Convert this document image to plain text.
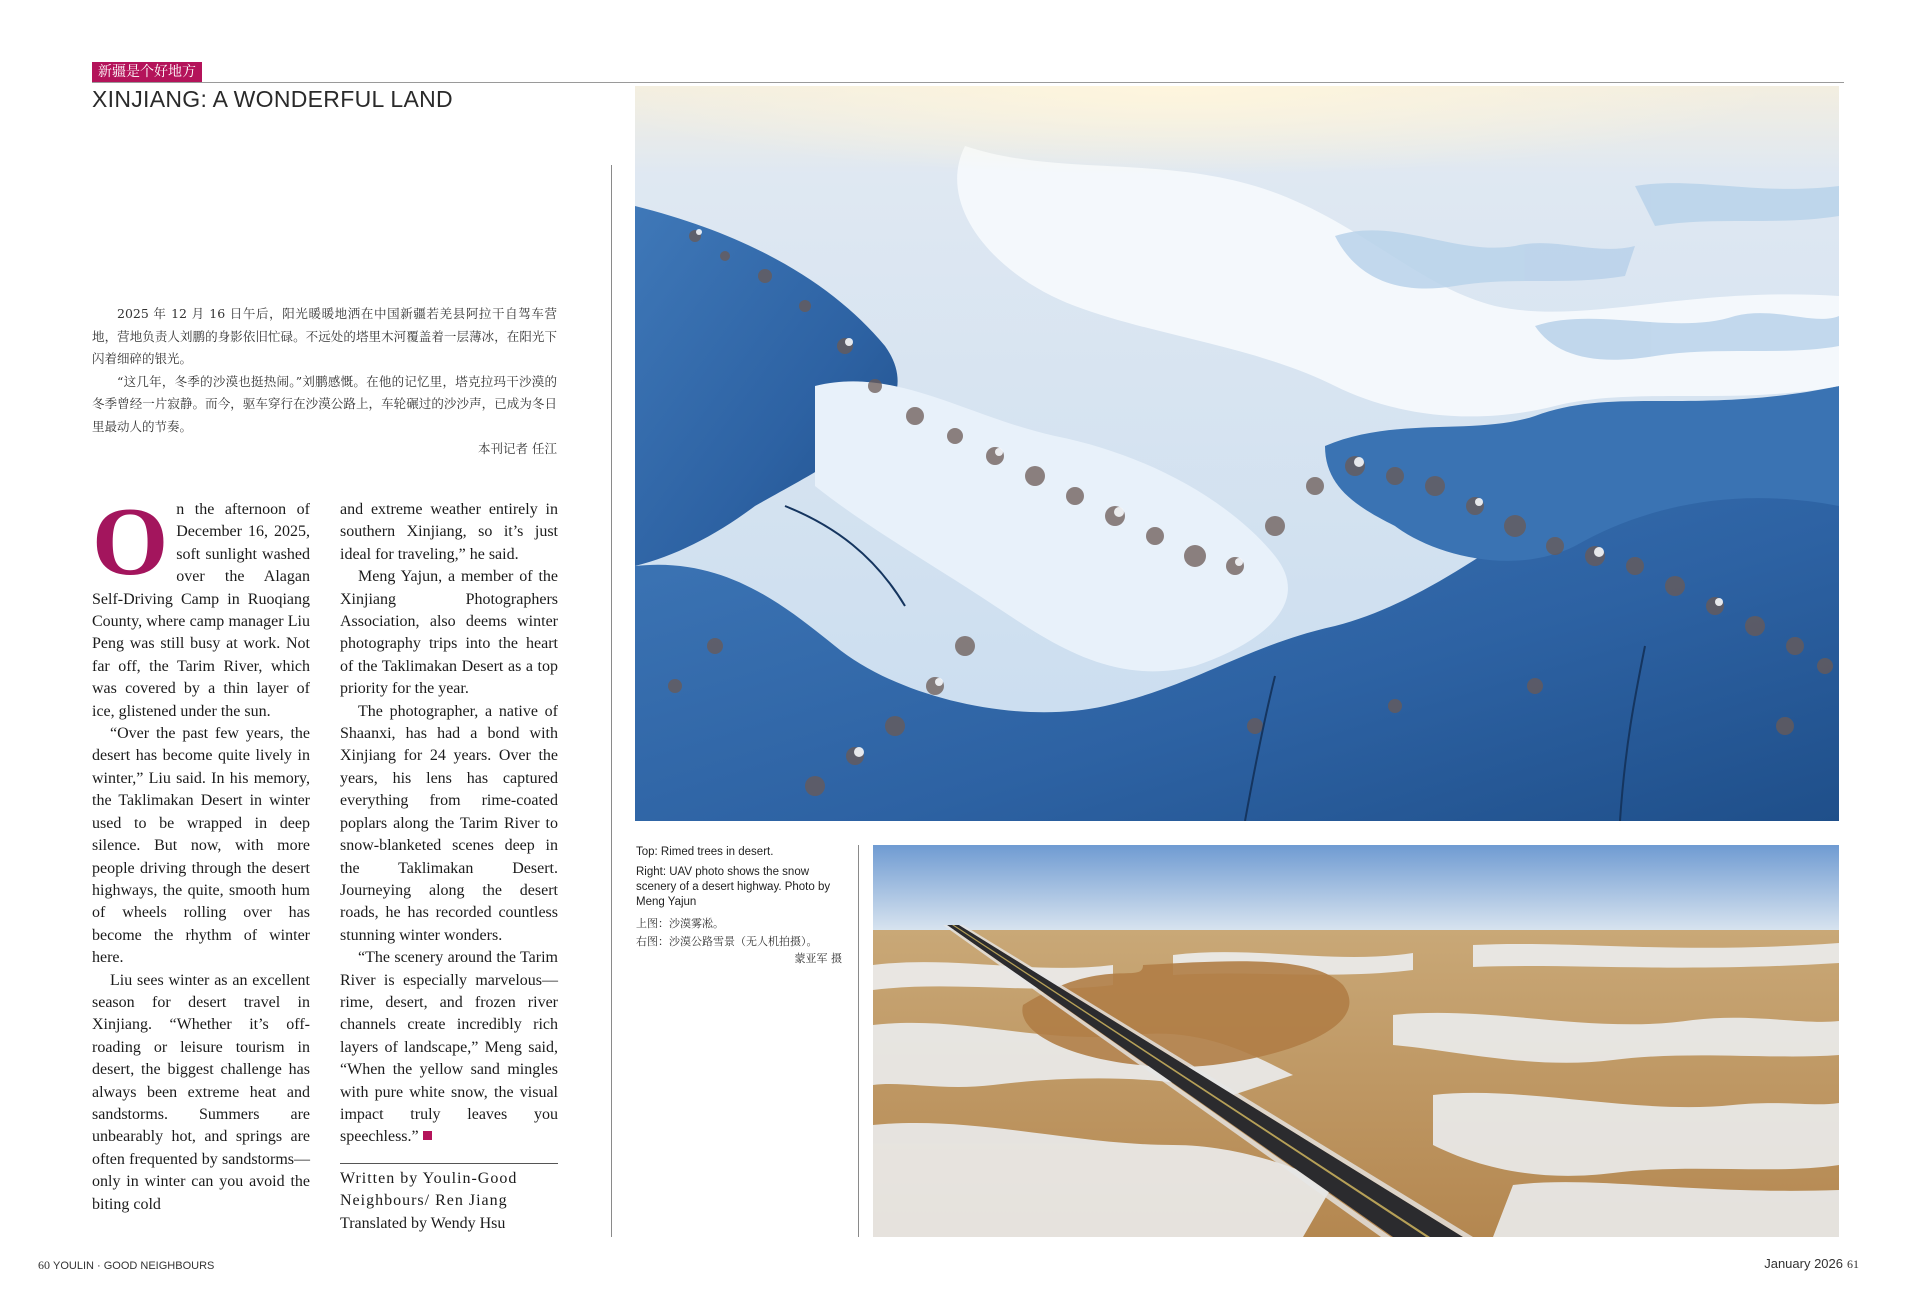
新疆是个好地方
XINJIANG: A WONDERFUL LAND

2025 年 12 月 16 日午后，阳光暖暖地洒在中国新疆若羌县阿拉干自驾车营地，营地负责人刘鹏的身影依旧忙碌。不远处的塔里木河覆盖着一层薄冰，在阳光下闪着细碎的银光。

“这几年，冬季的沙漠也挺热闹。”刘鹏感慨。在他的记忆里，塔克拉玛干沙漠的冬季曾经一片寂静。而今，驱车穿行在沙漠公路上，车轮碾过的沙沙声，已成为冬日里最动人的节奏。

本刊记者 任江

On the afternoon of December 16, 2025, soft sunlight washed over the Alagan Self-Driving Camp in Ruoqiang County, where camp manager Liu Peng was still busy at work. Not far off, the Tarim River, which was covered by a thin layer of ice, glistened under the sun.

“Over the past few years, the desert has become quite lively in winter,” Liu said. In his memory, the Taklimakan Desert in winter used to be wrapped in deep silence. But now, with more people driving through the desert highways, the quite, smooth hum of wheels rolling over has become the rhythm of winter here.

Liu sees winter as an excellent season for desert travel in Xinjiang. “Whether it’s off-roading or leisure tourism in desert, the biggest challenge has always been extreme heat and sandstorms. Summers are unbearably hot, and springs are often frequented by sandstorms—only in winter can you avoid the biting cold

and extreme weather entirely in southern Xinjiang, so it’s just ideal for traveling,” he said.

Meng Yajun, a member of the Xinjiang Photographers Association, also deems winter photography trips into the heart of the Taklimakan Desert as a top priority for the year.

The photographer, a native of Shaanxi, has had a bond with Xinjiang for 24 years. Over the years, his lens has captured everything from rime-coated poplars along the Tarim River to snow-blanketed scenes deep in the Taklimakan Desert. Journeying along the desert roads, he has recorded countless stunning winter wonders.

“The scenery around the Tarim River is especially marvelous—rime, desert, and frozen river channels create incredibly rich layers of landscape,” Meng said, “When the yellow sand mingles with pure white snow, the visual impact truly leaves you speechless.”

Written by Youlin-Good Neighbours/ Ren Jiang
Translated by Wendy Hsu
Top: Rimed trees in desert.
Right: UAV photo shows the snow scenery of a desert highway. Photo by Meng Yajun
上图：沙漠雾凇。
右图：沙漠公路雪景（无人机拍摄）。
蒙亚军 摄
60 YOULIN · GOOD NEIGHBOURS	January 2026 61
